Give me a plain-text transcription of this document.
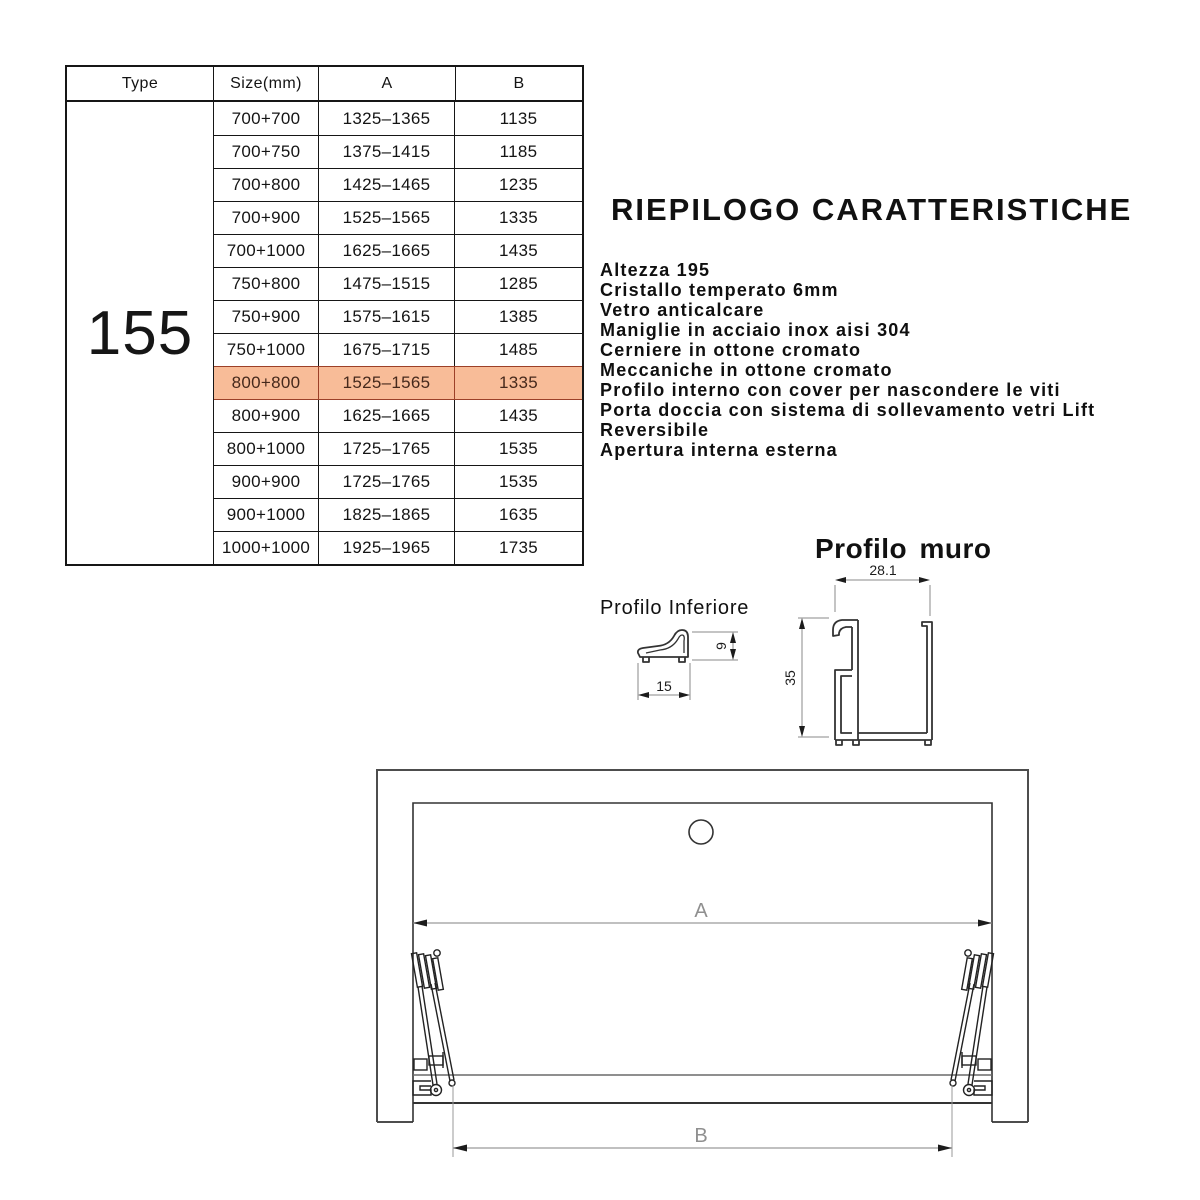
Type	Size(mm)	A	B
155
700+700	1325–1365	1135
700+750	1375–1415	1185
700+800	1425–1465	1235
700+900	1525–1565	1335
700+1000	1625–1665	1435
750+800	1475–1515	1285
750+900	1575–1615	1385
750+1000	1675–1715	1485
800+800	1525–1565	1335
800+900	1625–1665	1435
800+1000	1725–1765	1535
900+900	1725–1765	1535
900+1000	1825–1865	1635
1000+1000	1925–1965	1735
RIEPILOGO CARATTERISTICHE
Altezza 195
Cristallo temperato 6mm
Vetro anticalcare
Maniglie in acciaio inox aisi 304
Cerniere in ottone cromato
Meccaniche in ottone cromato
Profilo interno con cover per nascondere le viti
Porta doccia con sistema di sollevamento vetri Lift
Reversibile
Apertura interna esterna
Profilo Inferiore
9
15
Profilo muro
28.1
35
A
B
